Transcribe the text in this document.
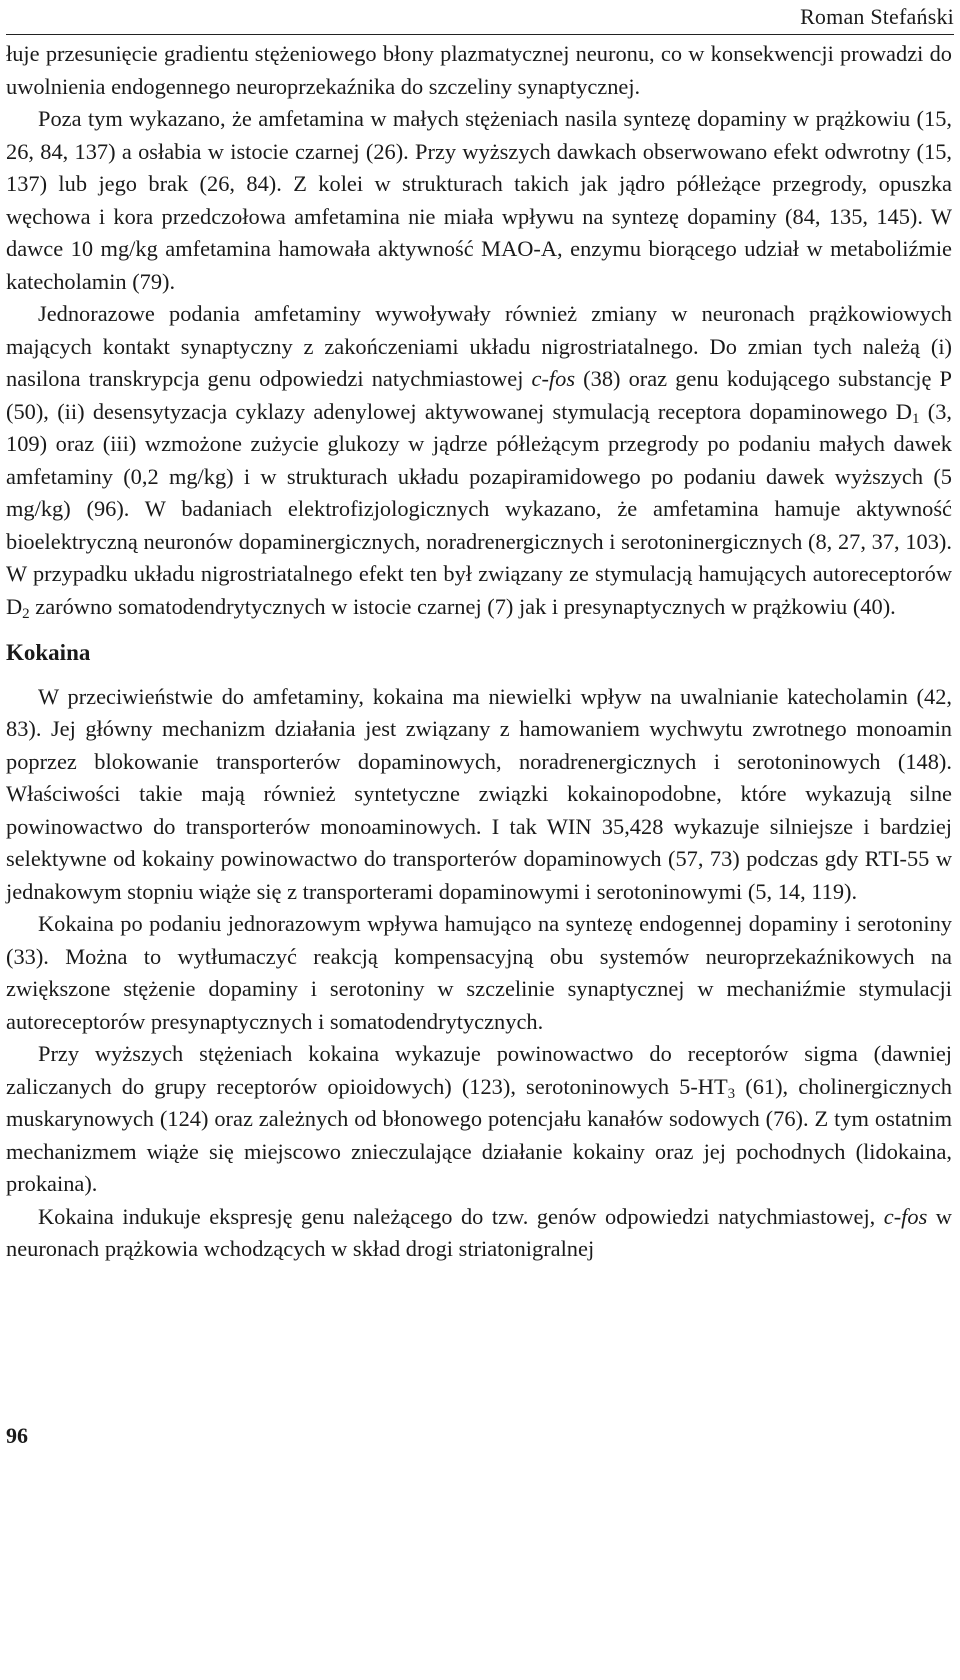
Roman Stefański

łuje przesunięcie gradientu stężeniowego błony plazmatycznej neuronu, co w konsekwencji prowadzi do uwolnienia endogennego neuroprzekaźnika do szczeliny synaptycznej.

Poza tym wykazano, że amfetamina w małych stężeniach nasila syntezę dopaminy w prążkowiu (15, 26, 84, 137) a osłabia w istocie czarnej (26). Przy wyższych dawkach obserwowano efekt odwrotny (15, 137) lub jego brak (26, 84). Z kolei w strukturach takich jak jądro półleżące przegrody, opuszka węchowa i kora przedczołowa amfetamina nie miała wpływu na syntezę dopaminy (84, 135, 145). W dawce 10 mg/kg amfetamina hamowała aktywność MAO-A, enzymu biorącego udział w metaboliźmie katecholamin (79).

Jednorazowe podania amfetaminy wywoływały również zmiany w neuronach prążkowiowych mających kontakt synaptyczny z zakończeniami układu nigrostriatalnego. Do zmian tych należą (i) nasilona transkrypcja genu odpowiedzi natychmiastowej c-fos (38) oraz genu kodującego substancję P (50), (ii) desensytyzacja cyklazy adenylowej aktywowanej stymulacją receptora dopaminowego $D_1$ (3, 109) oraz (iii) wzmożone zużycie glukozy w jądrze półleżącym przegrody po podaniu małych dawek amfetaminy (0,2 mg/kg) i w strukturach układu pozapiramidowego po podaniu dawek wyższych (5 mg/kg) (96). W badaniach elektrofizjologicznych wykazano, że amfetamina hamuje aktywność bioelektryczną neuronów dopaminergicznych, noradrenergicznych i serotoninergicznych (8, 27, 37, 103). W przypadku układu nigrostriatalnego efekt ten był związany ze stymulacją hamujących autoreceptorów $D_2$ zarówno somatodendrytycznych w istocie czarnej (7) jak i presynaptycznych w prążkowiu (40).

Kokaina

W przeciwieństwie do amfetaminy, kokaina ma niewielki wpływ na uwalnianie katecholamin (42, 83). Jej główny mechanizm działania jest związany z hamowaniem wychwytu zwrotnego monoamin poprzez blokowanie transporterów dopaminowych, noradrenergicznych i serotoninowych (148). Właściwości takie mają również syntetyczne związki kokainopodobne, które wykazują silne powinowactwo do transporterów monoaminowych. I tak WIN 35,428 wykazuje silniejsze i bardziej selektywne od kokainy powinowactwo do transporterów dopaminowych (57, 73) podczas gdy RTI-55 w jednakowym stopniu wiąże się z transporterami dopaminowymi i serotoninowymi (5, 14, 119).

Kokaina po podaniu jednorazowym wpływa hamująco na syntezę endogennej dopaminy i serotoniny (33). Można to wytłumaczyć reakcją kompensacyjną obu systemów neuroprzekaźnikowych na zwiększone stężenie dopaminy i serotoniny w szczelinie synaptycznej w mechaniźmie stymulacji autoreceptorów presynaptycznych i somatodendrytycznych.

Przy wyższych stężeniach kokaina wykazuje powinowactwo do receptorów sigma (dawniej zaliczanych do grupy receptorów opioidowych) (123), serotoninowych $5-HT_3$ (61), cholinergicznych muskarynowych (124) oraz zależnych od błonowego potencjału kanałów sodowych (76). Z tym ostatnim mechanizmem wiąże się miejscowo znieczulające działanie kokainy oraz jej pochodnych (lidokaina, prokaina).

Kokaina indukuje ekspresję genu należącego do tzw. genów odpowiedzi natychmiastowej, c-fos w neuronach prążkowia wchodzących w skład drogi striatonigralnej

96
